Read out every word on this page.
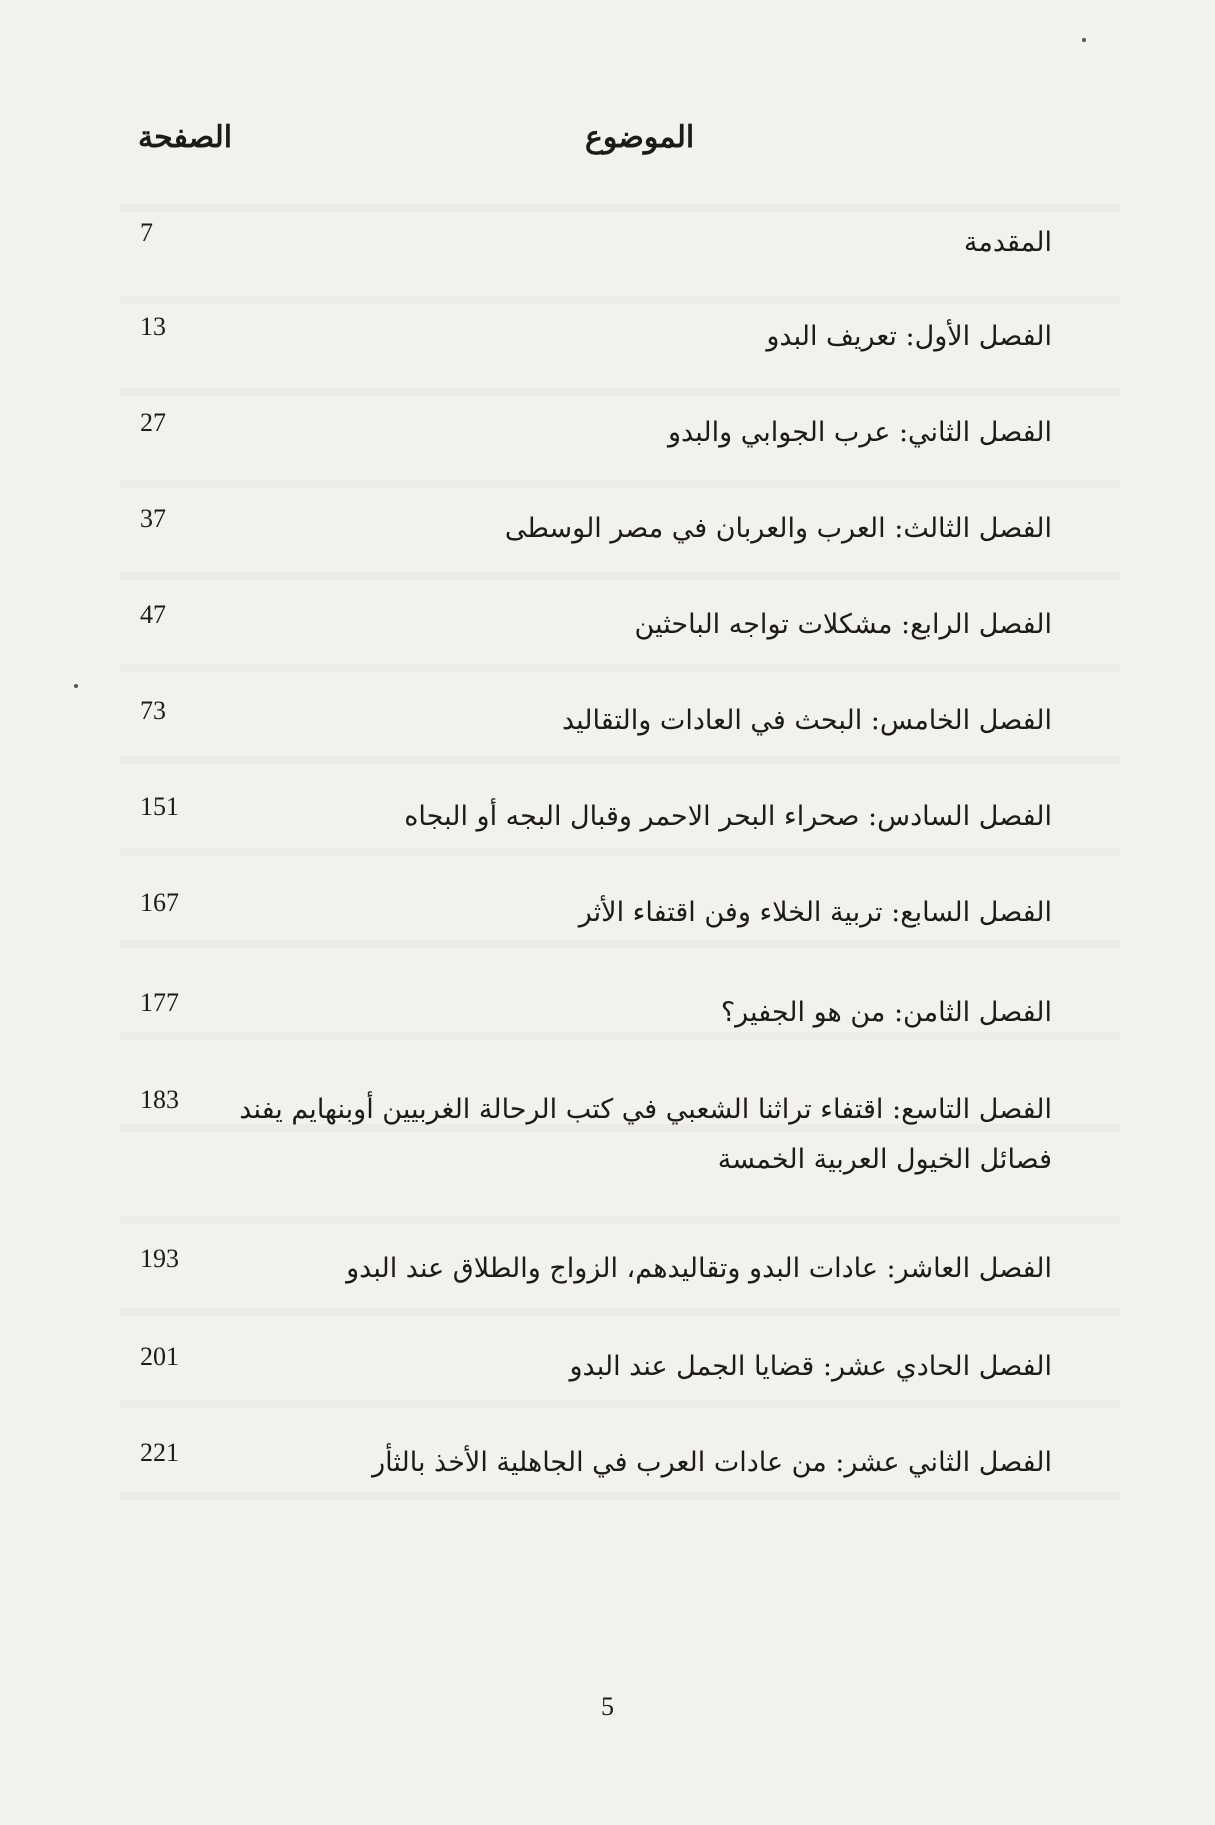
الصفحة	الموضوع
7	المقدمة
13	الفصل الأول: تعريف البدو
27	الفصل الثاني: عرب الجوابي والبدو
37	الفصل الثالث: العرب والعربان في مصر الوسطى
47	الفصل الرابع: مشكلات تواجه الباحثين
73	الفصل الخامس: البحث في العادات والتقاليد
151	الفصل السادس: صحراء البحر الاحمر وقبال البجه أو البجاه
167	الفصل السابع: تربية الخلاء وفن اقتفاء الأثر
177	الفصل الثامن: من هو الجفير؟
183	الفصل التاسع: اقتفاء تراثنا الشعبي في كتب الرحالة الغربيين أوبنهايم يفند فصائل الخيول العربية الخمسة
193	الفصل العاشر: عادات البدو وتقاليدهم، الزواج والطلاق عند البدو
201	الفصل الحادي عشر: قضايا الجمل عند البدو
221	الفصل الثاني عشر: من عادات العرب في الجاهلية الأخذ بالثأر
5
